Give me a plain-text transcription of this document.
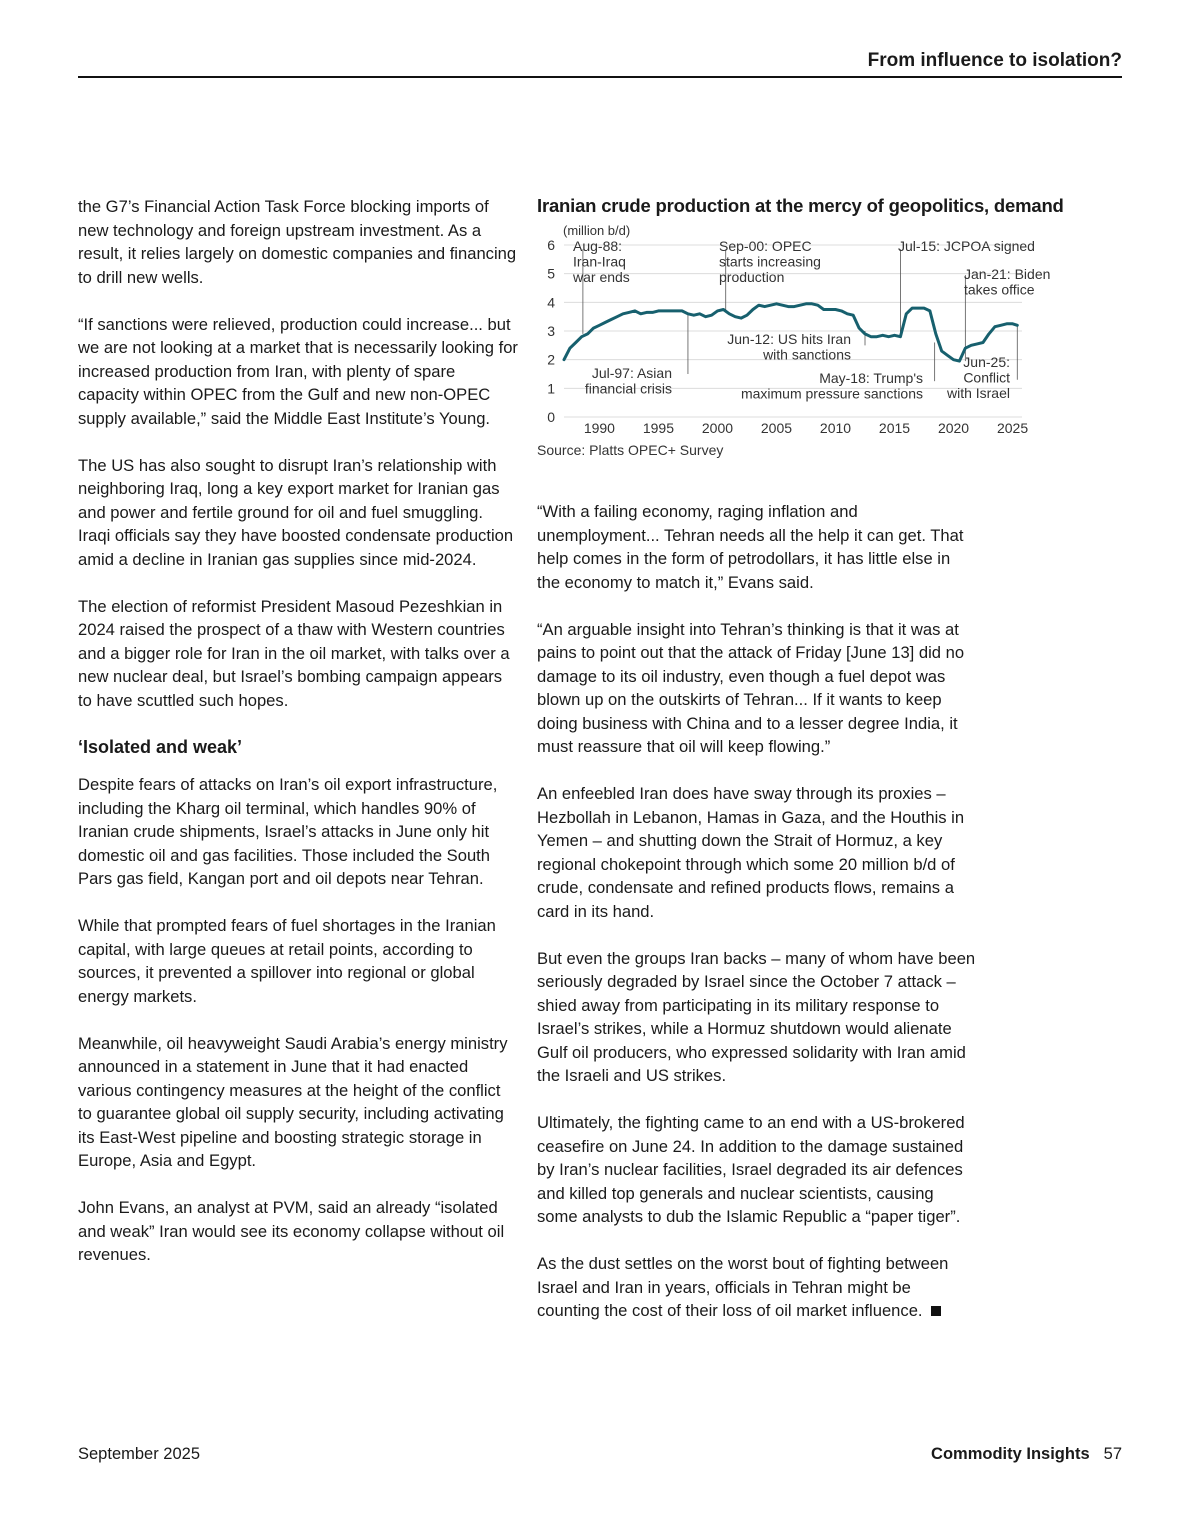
From influence to isolation?

the G7’s Financial Action Task Force blocking imports of new technology and foreign upstream investment. As a result, it relies largely on domestic companies and financing to drill new wells.

“If sanctions were relieved, production could increase... but we are not looking at a market that is necessarily looking for increased production from Iran, with plenty of spare capacity within OPEC from the Gulf and new non-OPEC supply available,” said the Middle East Institute’s Young.

The US has also sought to disrupt Iran’s relationship with neighboring Iraq, long a key export market for Iranian gas and power and fertile ground for oil and fuel smuggling. Iraqi officials say they have boosted condensate production amid a decline in Iranian gas supplies since mid-2024.

The election of reformist President Masoud Pezeshkian in 2024 raised the prospect of a thaw with Western countries and a bigger role for Iran in the oil market, with talks over a new nuclear deal, but Israel’s bombing campaign appears to have scuttled such hopes.

‘Isolated and weak’

Despite fears of attacks on Iran’s oil export infrastructure, including the Kharg oil terminal, which handles 90% of Iranian crude shipments, Israel’s attacks in June only hit domestic oil and gas facilities. Those included the South Pars gas field, Kangan port and oil depots near Tehran.

While that prompted fears of fuel shortages in the Iranian capital, with large queues at retail points, according to sources, it prevented a spillover into regional or global energy markets.

Meanwhile, oil heavyweight Saudi Arabia’s energy ministry announced in a statement in June that it had enacted various contingency measures at the height of the conflict to guarantee global oil supply security, including activating its East-West pipeline and boosting strategic storage in Europe, Asia and Egypt.

John Evans, an analyst at PVM, said an already “isolated and weak” Iran would see its economy collapse without oil revenues.

Iranian crude production at the mercy of geopolitics, demand
0
1
2
3
4
5
6
(million b/d)
1990 1995 2000 2005 2010 2015 2020 2025
Aug-88:
Iran-Iraq
war ends
Sep-00: OPEC
starts increasing
production
Jul-15: JCPOA signed
Jan-21: Biden
takes office
Jun-12: US hits Iran
with sanctions
Jul-97: Asian
financial crisis
May-18: Trump's
maximum pressure sanctions
Jun-25:
Conflict
with Israel
Source: Platts OPEC+ Survey

“With a failing economy, raging inflation and unemployment... Tehran needs all the help it can get. That help comes in the form of petrodollars, it has little else in the economy to match it,” Evans said.

“An arguable insight into Tehran’s thinking is that it was at pains to point out that the attack of Friday [June 13] did no damage to its oil industry, even though a fuel depot was blown up on the outskirts of Tehran... If it wants to keep doing business with China and to a lesser degree India, it must reassure that oil will keep flowing.”

An enfeebled Iran does have sway through its proxies – Hezbollah in Lebanon, Hamas in Gaza, and the Houthis in Yemen – and shutting down the Strait of Hormuz, a key regional chokepoint through which some 20 million b/d of crude, condensate and refined products flows, remains a card in its hand.

But even the groups Iran backs – many of whom have been seriously degraded by Israel since the October 7 attack – shied away from participating in its military response to Israel’s strikes, while a Hormuz shutdown would alienate Gulf oil producers, who expressed solidarity with Iran amid the Israeli and US strikes.

Ultimately, the fighting came to an end with a US-brokered ceasefire on June 24. In addition to the damage sustained by Iran’s nuclear facilities, Israel degraded its air defences and killed top generals and nuclear scientists, causing some analysts to dub the Islamic Republic a “paper tiger”.

As the dust settles on the worst bout of fighting between Israel and Iran in years, officials in Tehran might be counting the cost of their loss of oil market influence.

September 2025	Commodity Insights 57
